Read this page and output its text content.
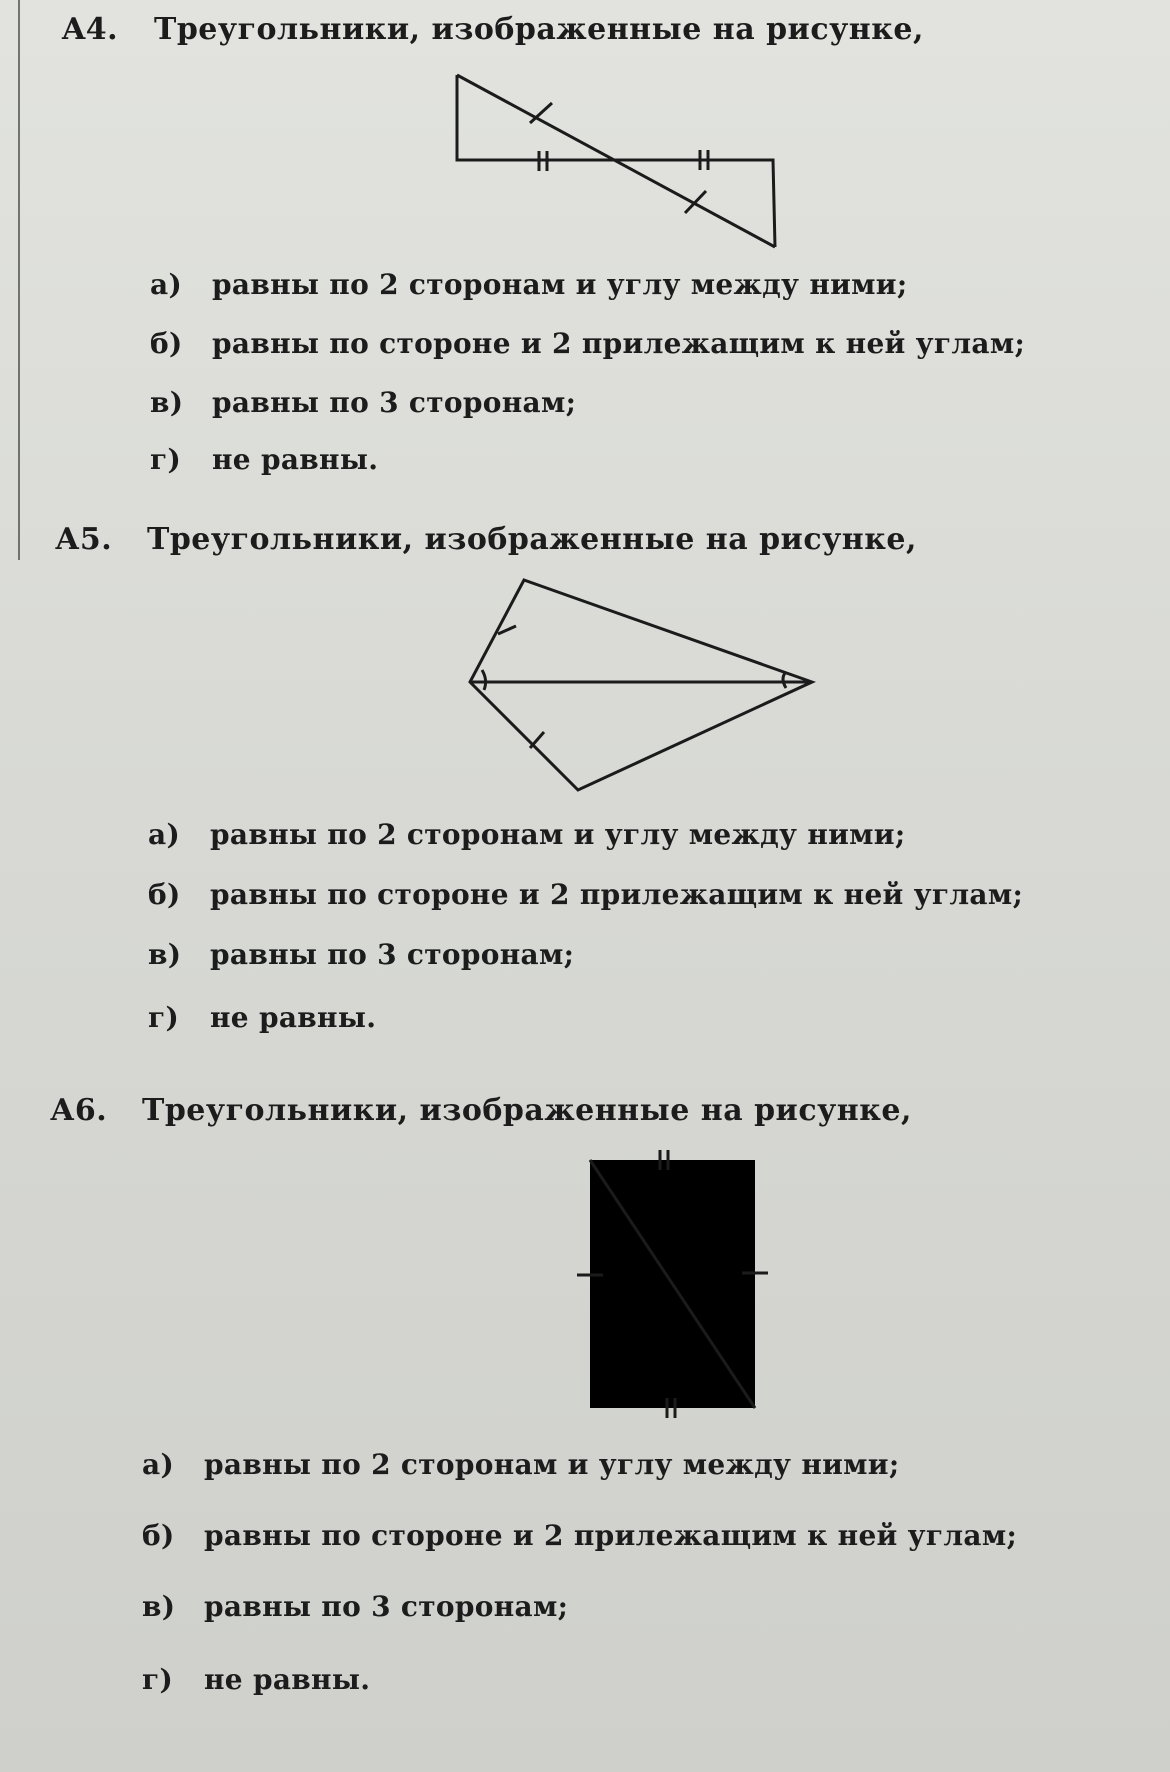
A4. Треугольники, изображенные на рисунке,
а) равны по 2 сторонам и углу между ними;
б) равны по стороне и 2 прилежащим к ней углам;
в) равны по 3 сторонам;
г) не равны.
А5. Треугольники, изображенные на рисунке,
а) равны по 2 сторонам и углу между ними;
б) равны по стороне и 2 прилежащим к ней углам;
в) равны по 3 сторонам;
г) не равны.
А6. Треугольники, изображенные на рисунке,
а) равны по 2 сторонам и углу между ними;
б) равны по стороне и 2 прилежащим к ней углам;
в) равны по 3 сторонам;
г) не равны.
